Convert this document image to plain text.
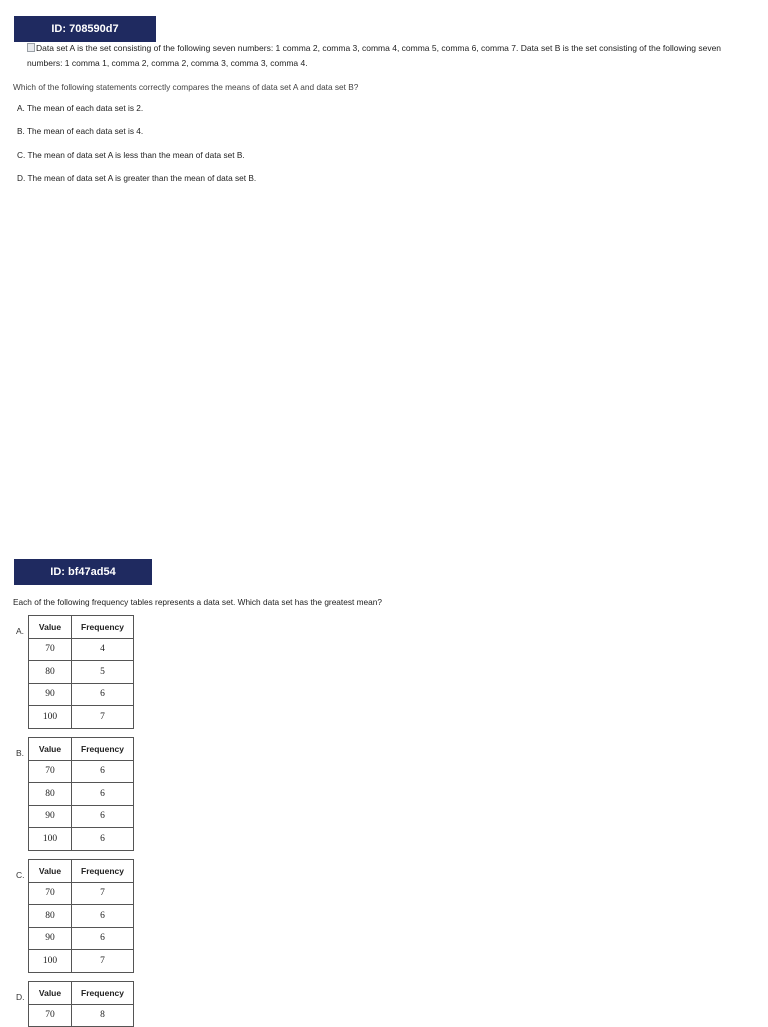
ID: 708590d7
Data set A is the set consisting of the following seven numbers: 1 comma 2, comma 3, comma 4, comma 5, comma 6, comma 7. Data set B is the set consisting of the following seven numbers: 1 comma 1, comma 2, comma 2, comma 3, comma 3, comma 4.
Which of the following statements correctly compares the means of data set A and data set B?
A. The mean of each data set is 2.
B. The mean of each data set is 4.
C. The mean of data set A is less than the mean of data set B.
D. The mean of data set A is greater than the mean of data set B.
ID: bf47ad54
Each of the following frequency tables represents a data set. Which data set has the greatest mean?
A. Value	Frequency
70	4
80	5
90	6
100	7
B. Value	Frequency
70	6
80	6
90	6
100	6
C. Value	Frequency
70	7
80	6
90	6
100	7
D. Value	Frequency
70	8
